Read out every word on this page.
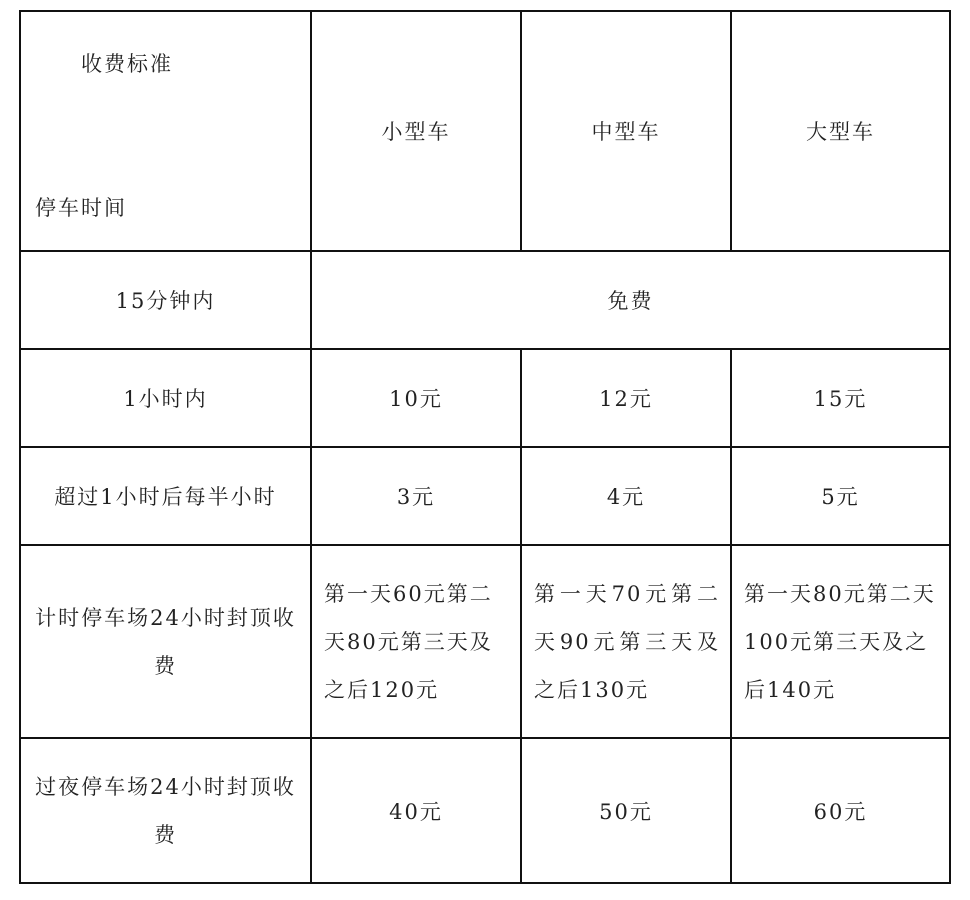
收费标准
停车时间	小型车	中型车	大型车
15分钟内	免费		
1小时内	10元	12元	15元
超过1小时后每半小时	3元	4元	5元
计时停车场24小时封顶收费	第一天60元第二天80元第三天及之后120元	第一天70元第二天90元第三天及之后130元	第一天80元第二天100元第三天及之后140元
过夜停车场24小时封顶收费	40元	50元	60元
